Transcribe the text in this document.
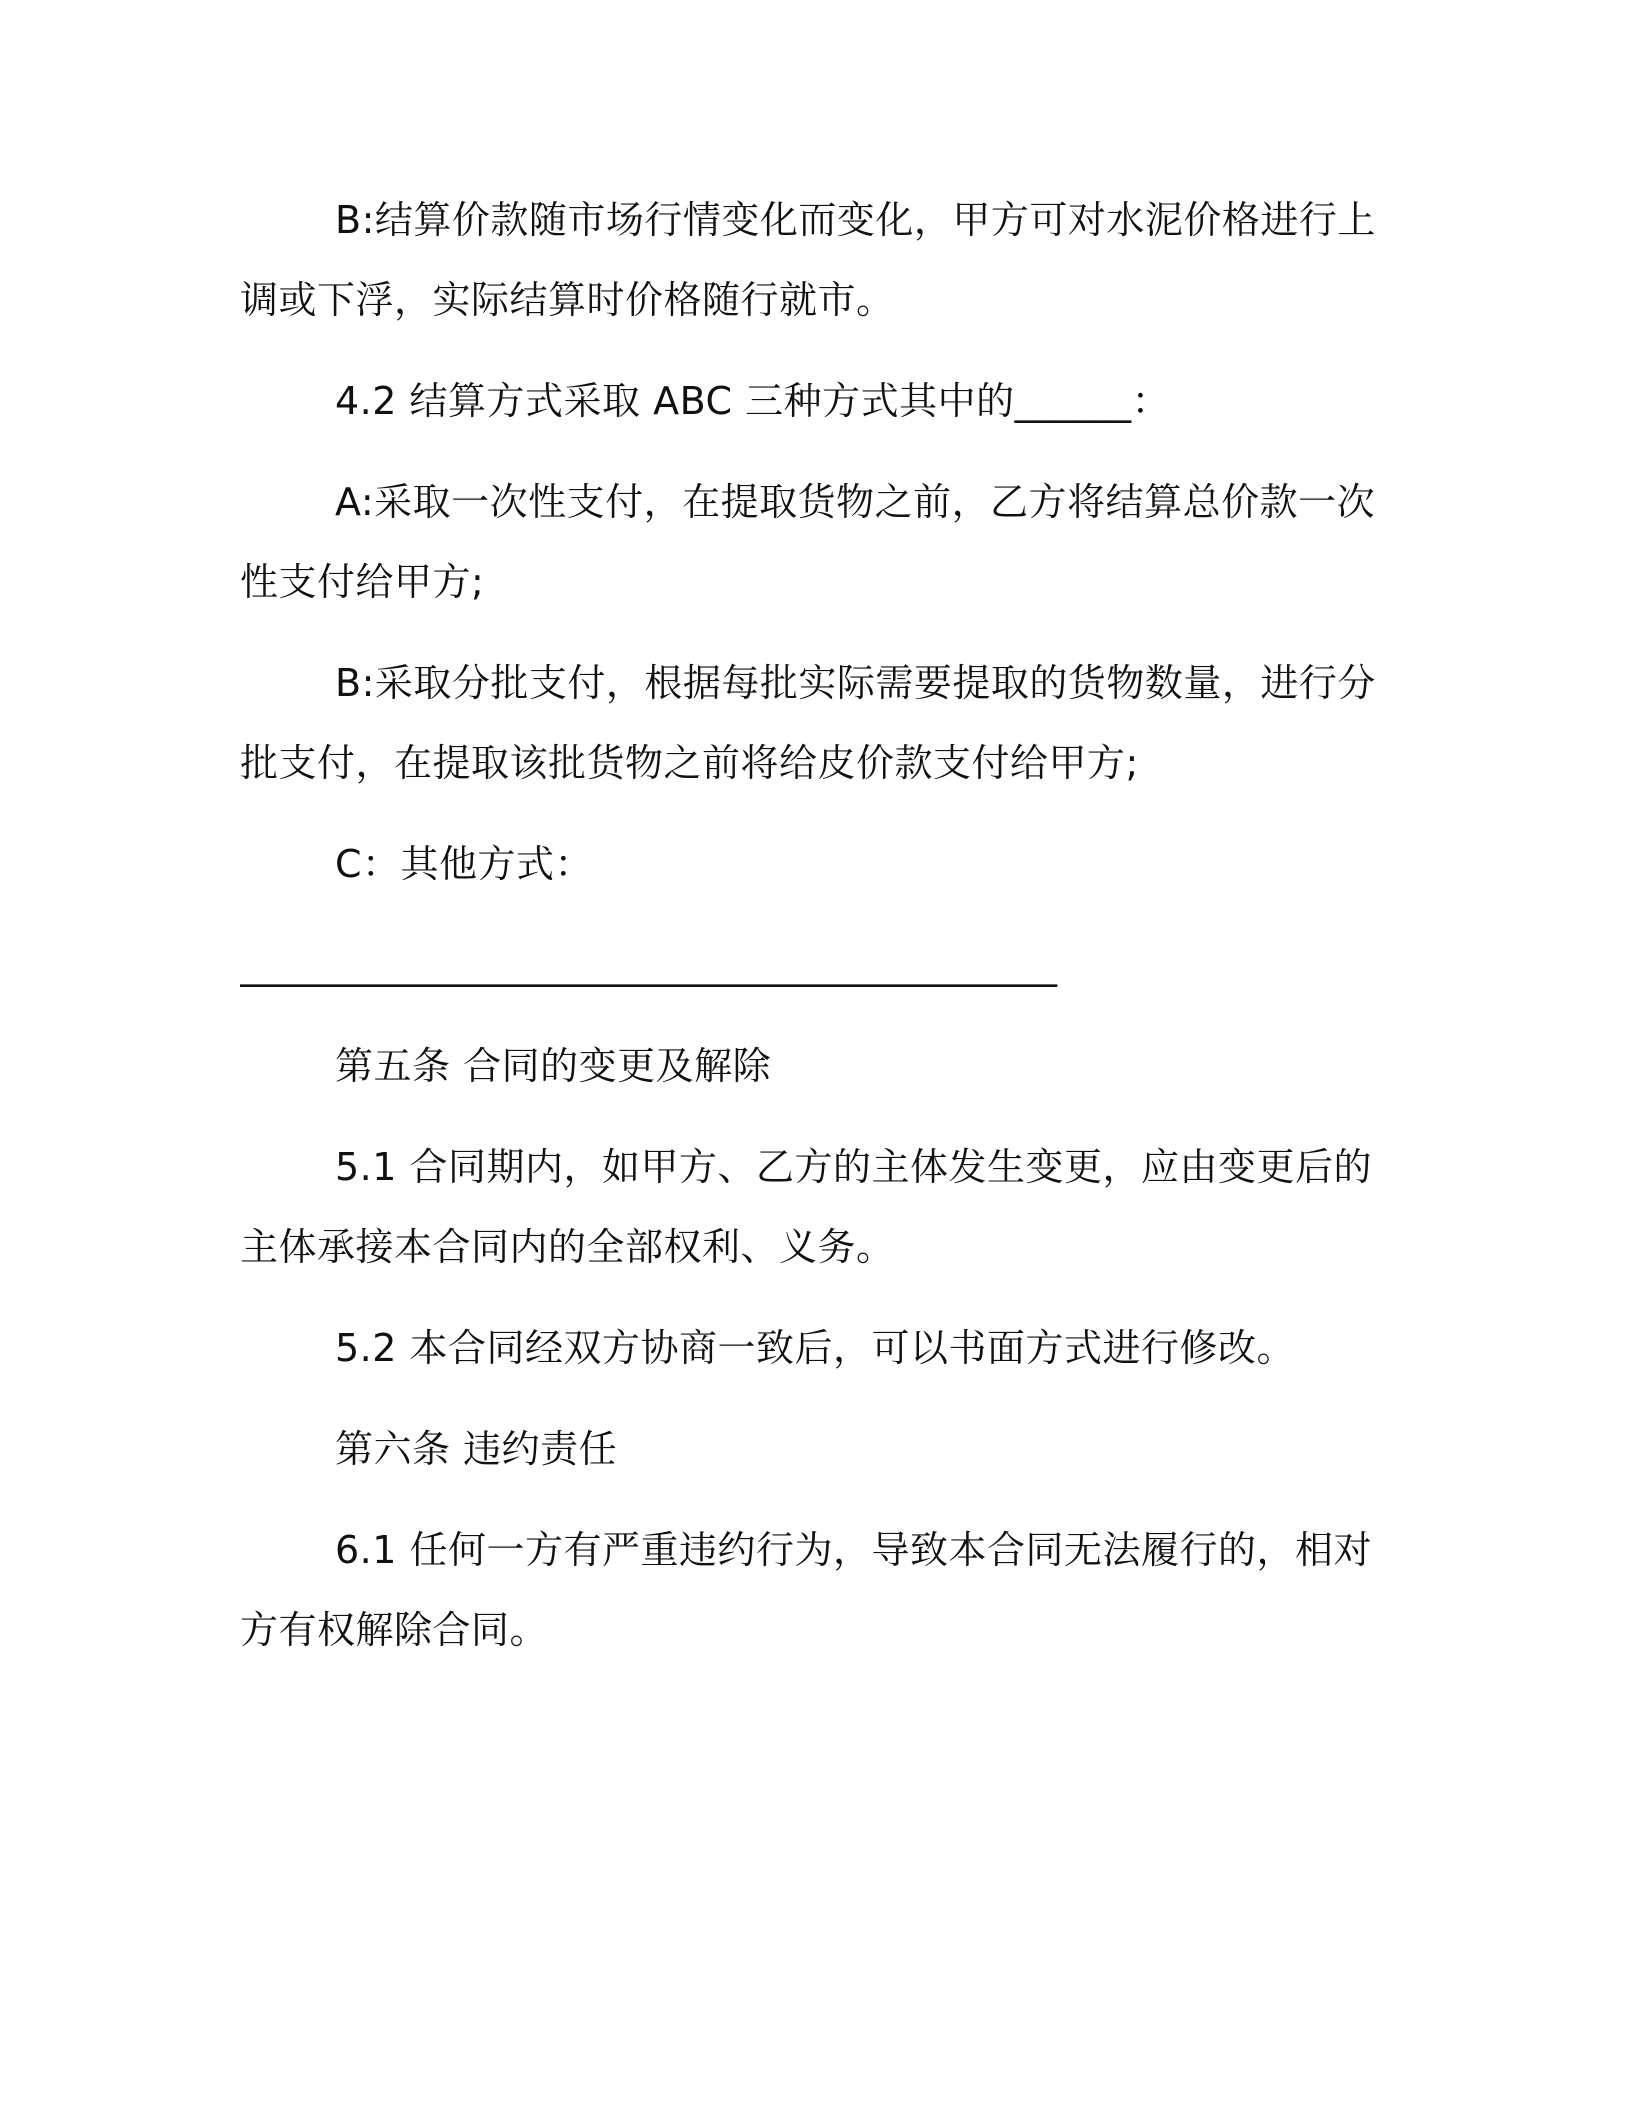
B:结算价款随市场行情变化而变化，甲方可对水泥价格进行上调或下浮，实际结算时价格随行就市。

4.2 结算方式采取 ABC 三种方式其中的______：

A:采取一次性支付，在提取货物之前，乙方将结算总价款一次性支付给甲方;

B:采取分批支付，根据每批实际需要提取的货物数量，进行分批支付，在提取该批货物之前将给皮价款支付给甲方;

C：其他方式：

___________________________________________

第五条 合同的变更及解除

5.1 合同期内，如甲方、乙方的主体发生变更，应由变更后的主体承接本合同内的全部权利、义务。

5.2 本合同经双方协商一致后，可以书面方式进行修改。

第六条 违约责任

6.1 任何一方有严重违约行为，导致本合同无法履行的，相对方有权解除合同。
